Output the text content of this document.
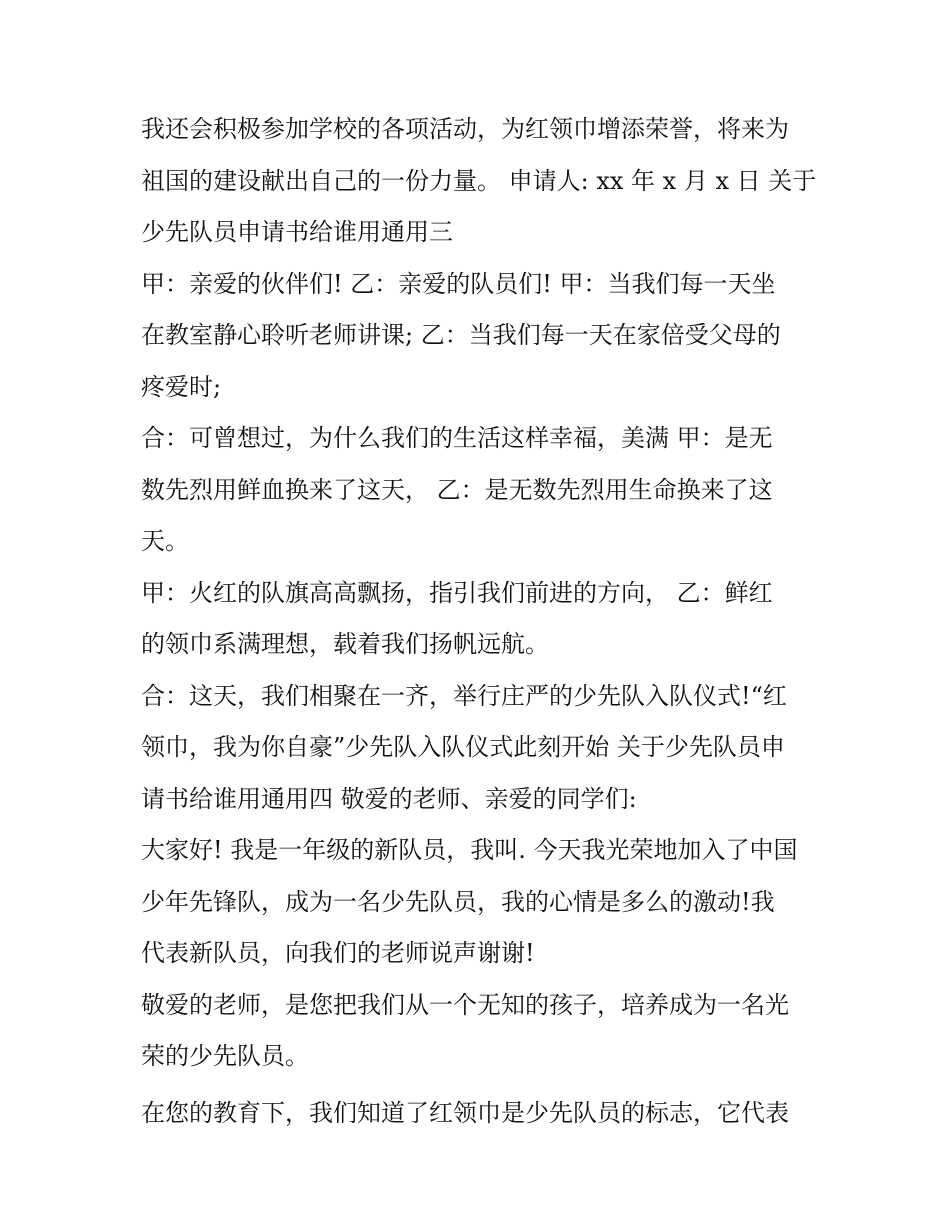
我还会积极参加学校的各项活动，为红领巾增添荣誉，将来为
祖国的建设献出自己的一份力量。 申请人: xx 年 x 月 x 日 关于
少先队员申请书给谁用通用三
甲：亲爱的伙伴们! 乙：亲爱的队员们! 甲：当我们每一天坐
在教室静心聆听老师讲课; 乙：当我们每一天在家倍受父母的
疼爱时;
合：可曾想过，为什么我们的生活这样幸福，美满 甲：是无
数先烈用鲜血换来了这天， 乙：是无数先烈用生命换来了这
天。
甲：火红的队旗高高飘扬，指引我们前进的方向， 乙：鲜红
的领巾系满理想，载着我们扬帆远航。
合：这天，我们相聚在一齐，举行庄严的少先队入队仪式!“红
领巾，我为你自豪”少先队入队仪式此刻开始 关于少先队员申
请书给谁用通用四 敬爱的老师、亲爱的同学们:
大家好! 我是一年级的新队员，我叫. 今天我光荣地加入了中国
少年先锋队，成为一名少先队员，我的心情是多么的激动!我
代表新队员，向我们的老师说声谢谢!
敬爱的老师，是您把我们从一个无知的孩子，培养成为一名光
荣的少先队员。
在您的教育下，我们知道了红领巾是少先队员的标志，它代表
